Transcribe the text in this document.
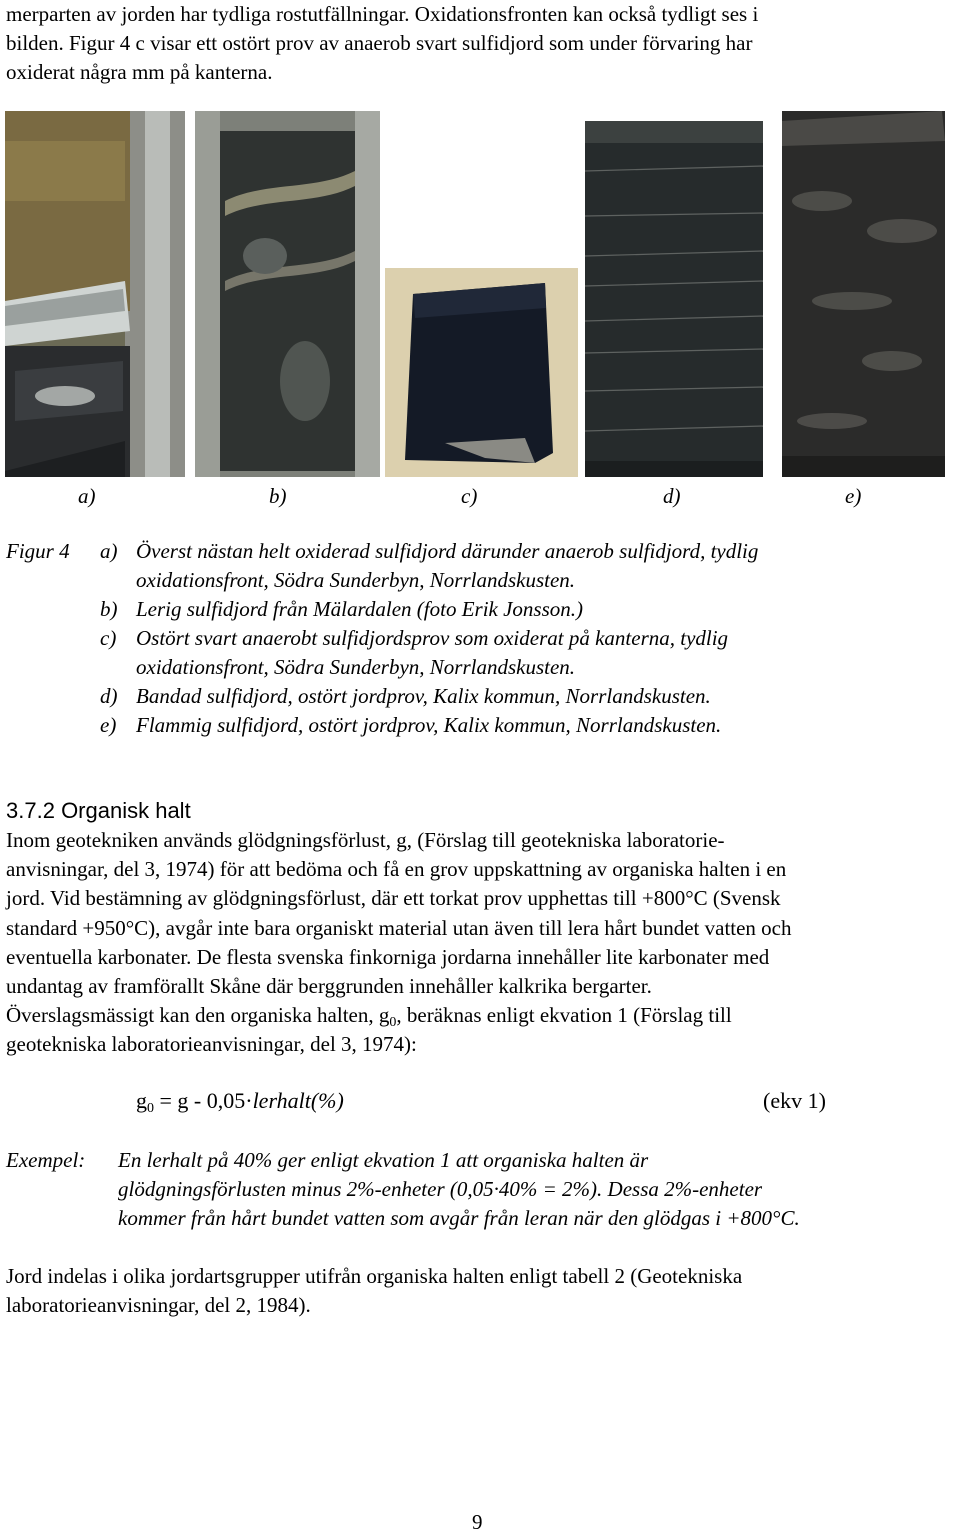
merparten av jorden har tydliga rostutfällningar. Oxidationsfronten kan också tydligt ses i
bilden. Figur 4 c visar ett ostört prov av anaerob svart sulfidjord som under förvaring har
oxiderat några mm på kanterna.
a)	b)	c)	d)	e)
Figur 4 a) Överst nästan helt oxiderad sulfidjord därunder anaerob sulfidjord, tydlig
oxidationsfront, Södra Sunderbyn, Norrlandskusten.
b) Lerig sulfidjord från Mälardalen (foto Erik Jonsson.)
c) Ostört svart anaerobt sulfidjordsprov som oxiderat på kanterna, tydlig
oxidationsfront, Södra Sunderbyn, Norrlandskusten.
d) Bandad sulfidjord, ostört jordprov, Kalix kommun, Norrlandskusten.
e) Flammig sulfidjord, ostört jordprov, Kalix kommun, Norrlandskusten.
3.7.2 Organisk halt
Inom geotekniken används glödgningsförlust, g, (Förslag till geotekniska laboratorie-
anvisningar, del 3, 1974) för att bedöma och få en grov uppskattning av organiska halten i en
jord. Vid bestämning av glödgningsförlust, där ett torkat prov upphettas till +800°C (Svensk
standard +950°C), avgår inte bara organiskt material utan även till lera hårt bundet vatten och
eventuella karbonater. De flesta svenska finkorniga jordarna innehåller lite karbonater med
undantag av framförallt Skåne där berggrunden innehåller kalkrika bergarter.
Överslagsmässigt kan den organiska halten, $g_0$, beräknas enligt ekvation 1 (Förslag till
geotekniska laboratorieanvisningar, del 3, 1974):
$g_0 = g$ - 0,05·lerhalt(%)	(ekv 1)
Exempel: En lerhalt på 40% ger enligt ekvation 1 att organiska halten är
glödgningsförlusten minus 2%-enheter (0,05·40% = 2%). Dessa 2%-enheter
kommer från hårt bundet vatten som avgår från leran när den glödgas i +800°C.
Jord indelas i olika jordartsgrupper utifrån organiska halten enligt tabell 2 (Geotekniska
laboratorieanvisningar, del 2, 1984).
9
